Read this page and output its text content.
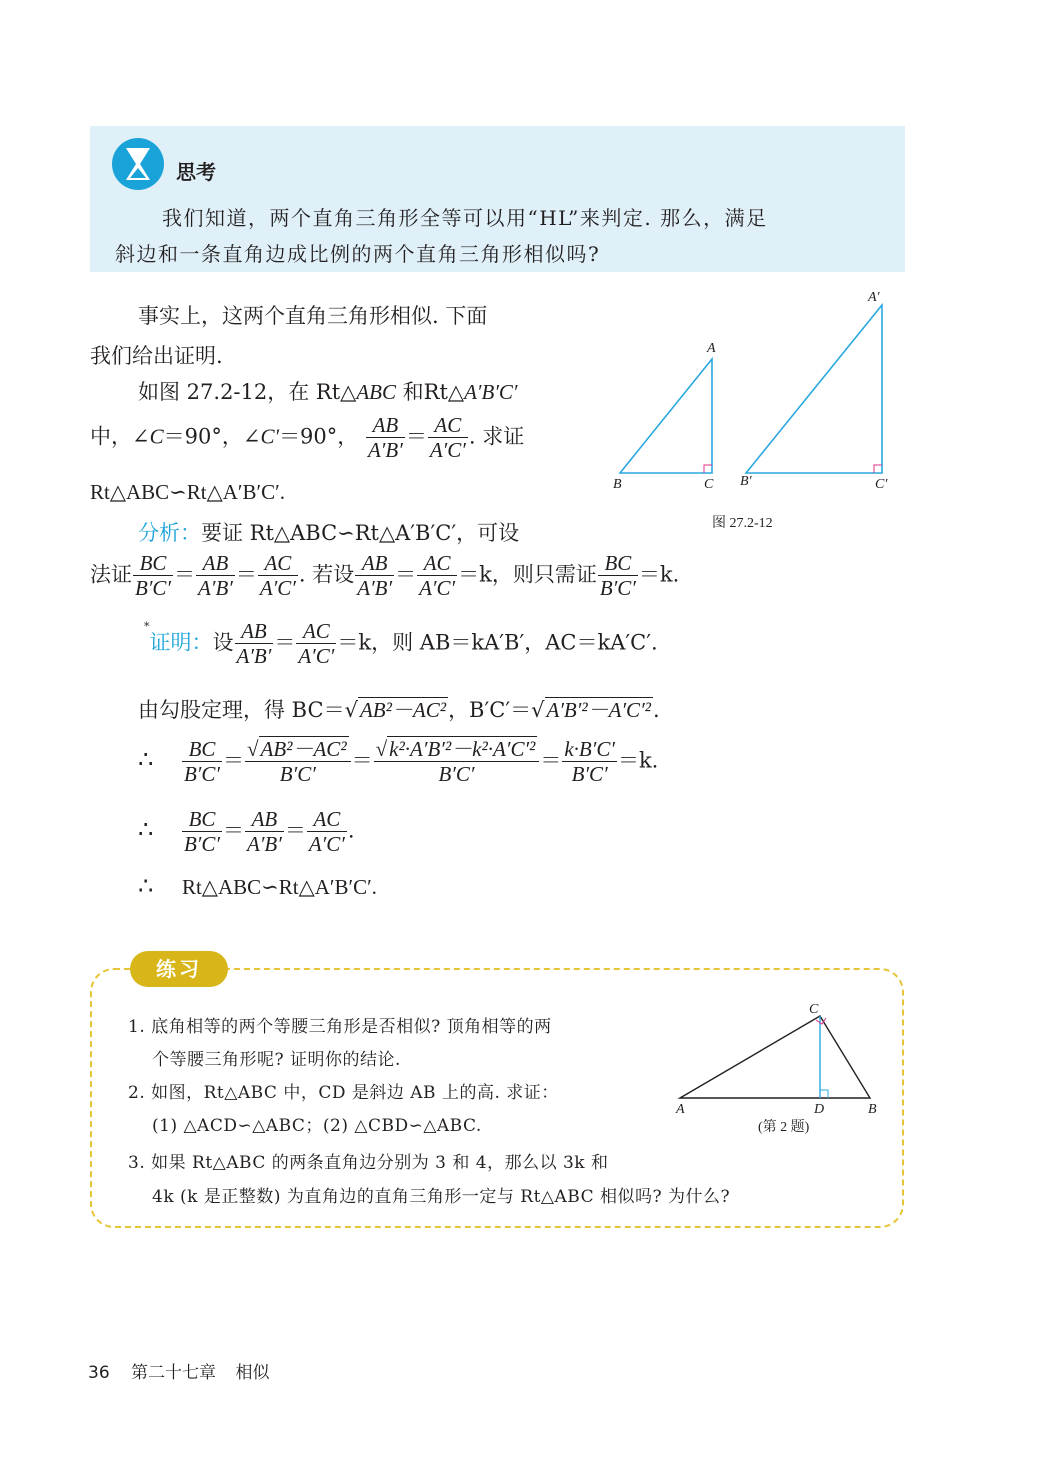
思考
我们知道，两个直角三角形全等可以用“HL”来判定. 那么，满足
斜边和一条直角边成比例的两个直角三角形相似吗?
事实上，这两个直角三角形相似. 下面
我们给出证明.
如图 27.2-12，在 Rt△ABC 和Rt△A′B′C′
中，∠C＝90°，∠C′＝90°， $\frac{AB}{A'B'} = \frac{AC}{A'C'}$ . 求证
Rt△ABC∽Rt△A′B′C′.
分析：要证 Rt△ABC∽Rt△A′B′C′，可设
法证 $\frac{BC}{B'C'} = \frac{AB}{A'B'} = \frac{AC}{A'C'}$ . 若设 $\frac{AB}{A'B'} = \frac{AC}{A'C'} =k$，则只需证 $\frac{BC}{B'C'} =k$.
*证明：设 $\frac{AB}{A'B'} = \frac{AC}{A'C'} =k$，则 AB＝kA′B′，AC＝kA′C′.
由勾股定理，得 BC＝√AB²－AC²，B′C′＝√A′B′²－A′C′².
∴ $\frac{BC}{B'C'} = \frac{\text{√AB²－AC²}}{B'C'} = \frac{\text{√k²·A′B′²－k²·A′C′²}}{B'C'} = \frac{k\cdot B'C'}{B'C'} =k$.
∴ $\frac{BC}{B'C'} = \frac{AB}{A'B'} = \frac{AC}{A'C'}$ .
∴ Rt△ABC∽Rt△A′B′C′.
A
B	C
A′
B′	C′
图 27.2-12
练习
1. 底角相等的两个等腰三角形是否相似? 顶角相等的两
个等腰三角形呢? 证明你的结论.
2. 如图，Rt△ABC 中，CD 是斜边 AB 上的高. 求证：
(1) △ACD∽△ABC；(2) △CBD∽△ABC.
3. 如果 Rt△ABC 的两条直角边分别为 3 和 4，那么以 3k 和
4k (k 是正整数) 为直角边的直角三角形一定与 Rt△ABC 相似吗? 为什么?
C
A	D	B
(第 2 题)
36 第二十七章 相似
